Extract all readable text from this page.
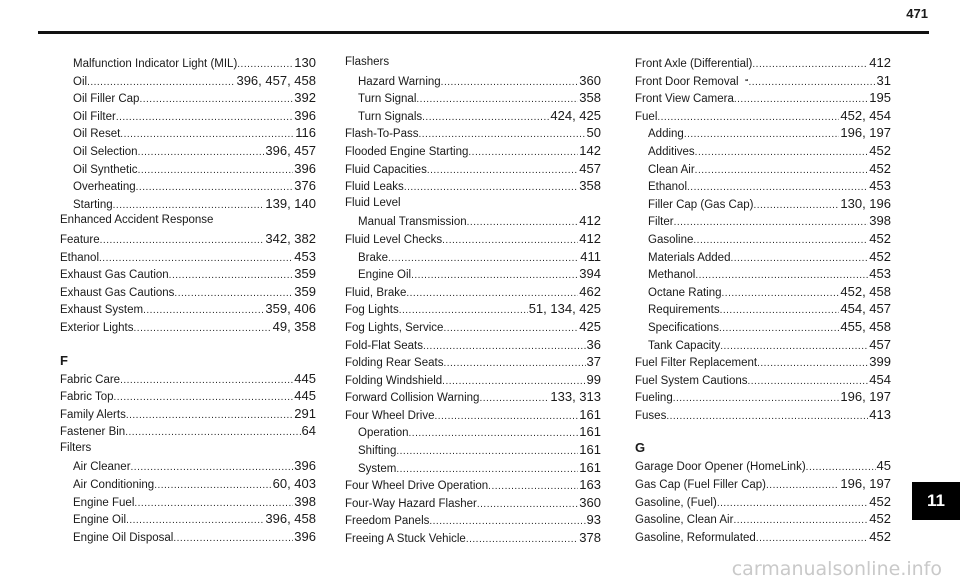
471
Malfunction Indicator Light (MIL) .....	130
Oil .....	396, 457, 458
Oil Filler Cap .....	392
Oil Filter .....	396
Oil Reset .....	116
Oil Selection .....	396, 457
Oil Synthetic .....	396
Overheating .....	376
Starting .....	139, 140
Enhanced Accident Response
Feature .....	342, 382
Ethanol .....	453
Exhaust Gas Caution .....	359
Exhaust Gas Cautions .....	359
Exhaust System .....	359, 406
Exterior Lights .....	49, 358
F
Fabric Care .....	445
Fabric Top .....	445
Family Alerts .....	291
Fastener Bin .....	64
Filters
Air Cleaner .....	396
Air Conditioning .....	60, 403
Engine Fuel .....	398
Engine Oil .....	396, 458
Engine Oil Disposal .....	396
Flashers
Hazard Warning .....	360
Turn Signal .....	358
Turn Signals .....	424, 425
Flash-To-Pass .....	50
Flooded Engine Starting .....	142
Fluid Capacities .....	457
Fluid Leaks .....	358
Fluid Level
Manual Transmission .....	412
Fluid Level Checks .....	412
Brake .....	411
Engine Oil .....	394
Fluid, Brake .....	462
Fog Lights .....	51, 134, 425
Fog Lights, Service .....	425
Fold-Flat Seats .....	36
Folding Rear Seats .....	37
Folding Windshield .....	99
Forward Collision Warning .....	133, 313
Four Wheel Drive .....	161
Operation .....	161
Shifting .....	161
System .....	161
Four Wheel Drive Operation .....	163
Four-Way Hazard Flasher .....	360
Freedom Panels .....	93
Freeing A Stuck Vehicle .....	378
Front Axle (Differential) .....	412
Front Door Removal .....	31
Front View Camera .....	195
Fuel .....	452, 454
Adding .....	196, 197
Additives .....	452
Clean Air .....	452
Ethanol .....	453
Filler Cap (Gas Cap) .....	130, 196
Filter .....	398
Gasoline .....	452
Materials Added .....	452
Methanol .....	453
Octane Rating .....	452, 458
Requirements .....	454, 457
Specifications .....	455, 458
Tank Capacity .....	457
Fuel Filter Replacement .....	399
Fuel System Cautions .....	454
Fueling .....	196, 197
Fuses .....	413
G
Garage Door Opener (HomeLink) .....	45
Gas Cap (Fuel Filler Cap) .....	196, 197
Gasoline, (Fuel) .....	452
Gasoline, Clean Air .....	452
Gasoline, Reformulated .....	452
11
carmanualsonline.info
